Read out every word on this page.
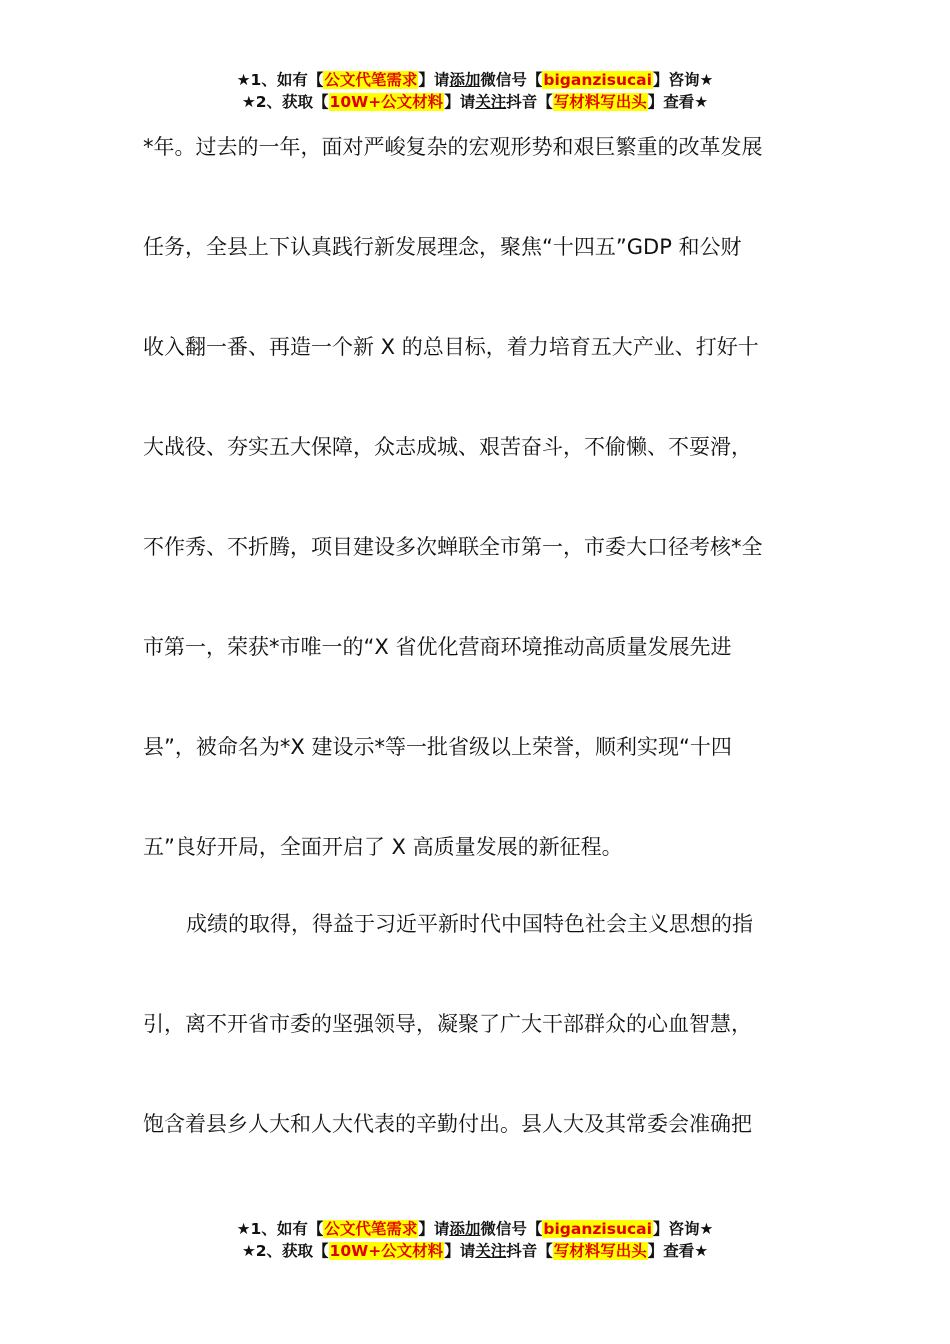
★1、如有【公文代笔需求】请添加微信号【biganzisucai】咨询★
★2、获取【10W+公文材料】请关注抖音【写材料写出头】查看★
*年。过去的一年，面对严峻复杂的宏观形势和艰巨繁重的改革发展
任务，全县上下认真践行新发展理念，聚焦“十四五”GDP 和公财
收入翻一番、再造一个新 X 的总目标，着力培育五大产业、打好十
大战役、夯实五大保障，众志成城、艰苦奋斗，不偷懒、不耍滑，
不作秀、不折腾，项目建设多次蝉联全市第一，市委大口径考核*全
市第一，荣获*市唯一的“X 省优化营商环境推动高质量发展先进
县”，被命名为*X 建设示*等一批省级以上荣誉，顺利实现“十四
五”良好开局，全面开启了 X 高质量发展的新征程。
成绩的取得，得益于习近平新时代中国特色社会主义思想的指
引，离不开省市委的坚强领导，凝聚了广大干部群众的心血智慧，
饱含着县乡人大和人大代表的辛勤付出。县人大及其常委会准确把
★1、如有【公文代笔需求】请添加微信号【biganzisucai】咨询★
★2、获取【10W+公文材料】请关注抖音【写材料写出头】查看★
